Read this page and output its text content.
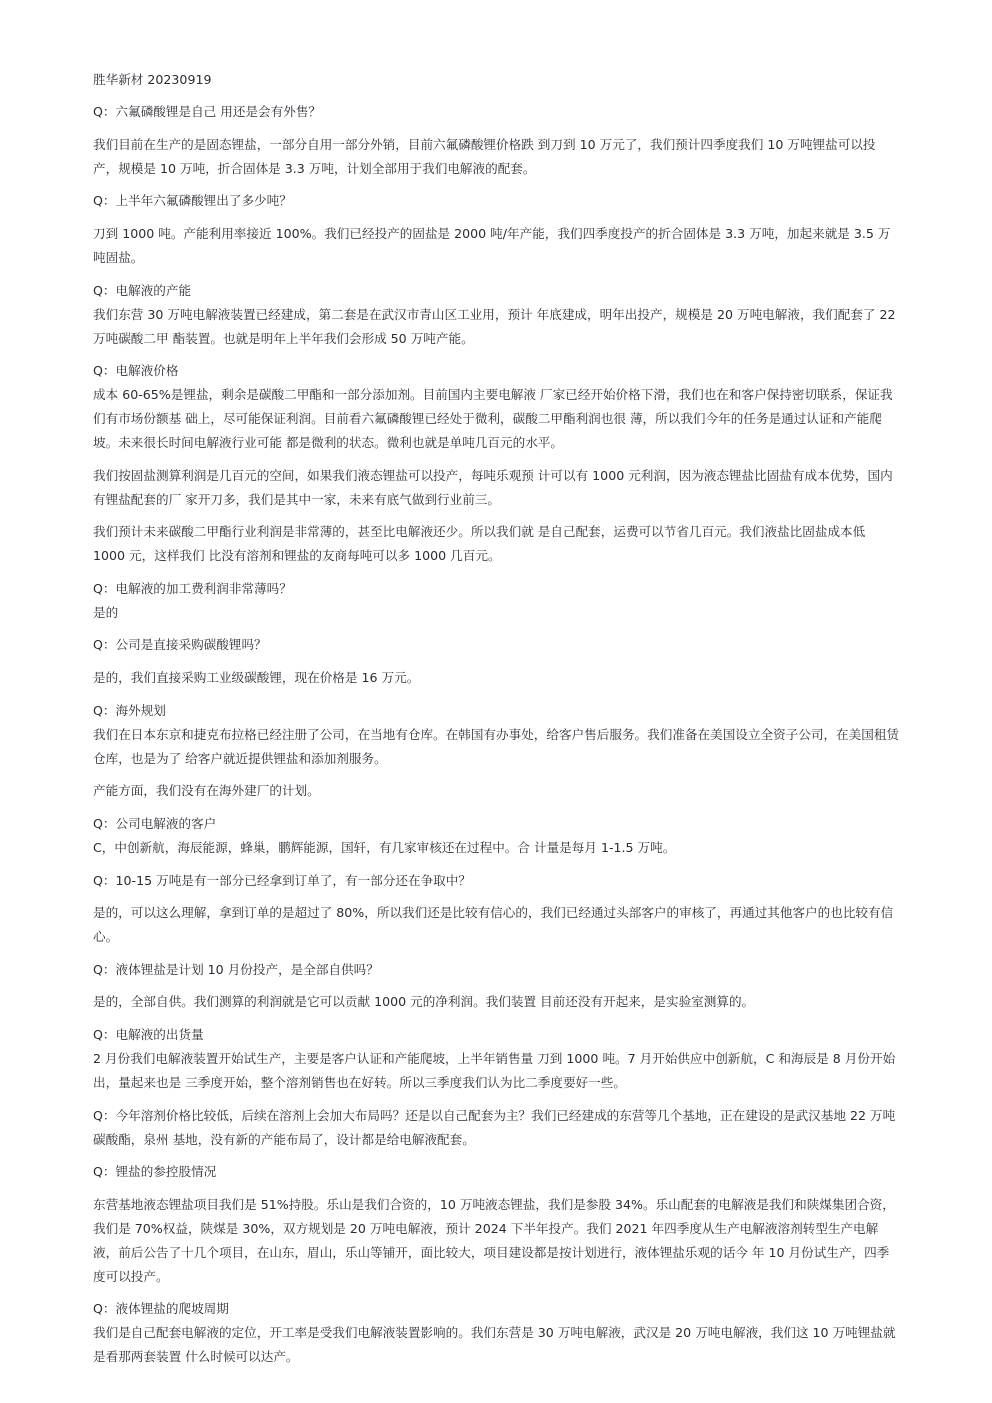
胜华新材 20230919
Q：六氟磷酸锂是自己 用还是会有外售？
我们目前在生产的是固态锂盐，一部分自用一部分外销，目前六氟磷酸锂价格跌 到刀到 10 万元了，我们预计四季度我们 10 万吨锂盐可以投
产，规模是 10 万吨，折合固体是 3.3 万吨，计划全部用于我们电解液的配套。
Q：上半年六氟磷酸锂出了多少吨？
刀到 1000 吨。产能利用率接近 100%。我们已经投产的固盐是 2000 吨/年产能，我们四季度投产的折合固体是 3.3 万吨，加起来就是 3.5 万
吨固盐。
Q：电解液的产能
我们东营 30 万吨电解液装置已经建成，第二套是在武汉市青山区工业用，预计 年底建成，明年出投产，规模是 20 万吨电解液，我们配套了 22
万吨碳酸二甲 酯装置。也就是明年上半年我们会形成 50 万吨产能。
Q：电解液价格
成本 60-65%是锂盐，剩余是碳酸二甲酯和一部分添加剂。目前国内主要电解液 厂家已经开始价格下滑，我们也在和客户保持密切联系，保证我
们有市场份额基 础上，尽可能保证利润。目前看六氟磷酸锂已经处于微利，碳酸二甲酯利润也很 薄，所以我们今年的任务是通过认证和产能爬
坡。未来很长时间电解液行业可能 都是微利的状态。微利也就是单吨几百元的水平。
我们按固盐测算利润是几百元的空间，如果我们液态锂盐可以投产，每吨乐观预 计可以有 1000 元利润，因为液态锂盐比固盐有成本优势，国内
有锂盐配套的厂 家开刀多，我们是其中一家，未来有底气做到行业前三。
我们预计未来碳酸二甲酯行业利润是非常薄的，甚至比电解液还少。所以我们就 是自己配套，运费可以节省几百元。我们液盐比固盐成本低
1000 元，这样我们 比没有溶剂和锂盐的友商每吨可以多 1000 几百元。
Q：电解液的加工费利润非常薄吗？
是的
Q：公司是直接采购碳酸锂吗？
是的，我们直接采购工业级碳酸锂，现在价格是 16 万元。
Q：海外规划
我们在日本东京和捷克布拉格已经注册了公司，在当地有仓库。在韩国有办事处，给客户售后服务。我们准备在美国设立全资子公司，在美国租赁
仓库，也是为了 给客户就近提供锂盐和添加剂服务。
产能方面，我们没有在海外建厂的计划。
Q：公司电解液的客户
C，中创新航，海辰能源，蜂巢，鹏辉能源，国轩，有几家审核还在过程中。合 计量是每月 1-1.5 万吨。
Q：10-15 万吨是有一部分已经拿到订单了，有一部分还在争取中？
是的，可以这么理解，拿到订单的是超过了 80%，所以我们还是比较有信心的，我们已经通过头部客户的审核了，再通过其他客户的也比较有信
心。
Q：液体锂盐是计划 10 月份投产，是全部自供吗？
是的，全部自供。我们测算的利润就是它可以贡献 1000 元的净利润。我们装置 目前还没有开起来，是实验室测算的。
Q：电解液的出货量
2 月份我们电解液装置开始试生产，主要是客户认证和产能爬坡，上半年销售量 刀到 1000 吨。7 月开始供应中创新航，C 和海辰是 8 月份开始
出，量起来也是 三季度开始，整个溶剂销售也在好转。所以三季度我们认为比二季度要好一些。
Q：今年溶剂价格比较低，后续在溶剂上会加大布局吗？还是以自己配套为主？我们已经建成的东营等几个基地，正在建设的是武汉基地 22 万吨
碳酸酯，泉州 基地，没有新的产能布局了，设计都是给电解液配套。
Q：锂盐的参控股情况
东营基地液态锂盐项目我们是 51%持股。乐山是我们合资的，10 万吨液态锂盐，我们是参股 34%。乐山配套的电解液是我们和陕煤集团合资，
我们是 70%权益，陕煤是 30%，双方规划是 20 万吨电解液，预计 2024 下半年投产。我们 2021 年四季度从生产电解液溶剂转型生产电解
液，前后公告了十几个项目，在山东，眉山，乐山等铺开，面比较大，项目建设都是按计划进行，液体锂盐乐观的话今 年 10 月份试生产，四季
度可以投产。
Q：液体锂盐的爬坡周期
我们是自己配套电解液的定位，开工率是受我们电解液装置影响的。我们东营是 30 万吨电解液，武汉是 20 万吨电解液，我们这 10 万吨锂盐就
是看那两套装置 什么时候可以达产。
